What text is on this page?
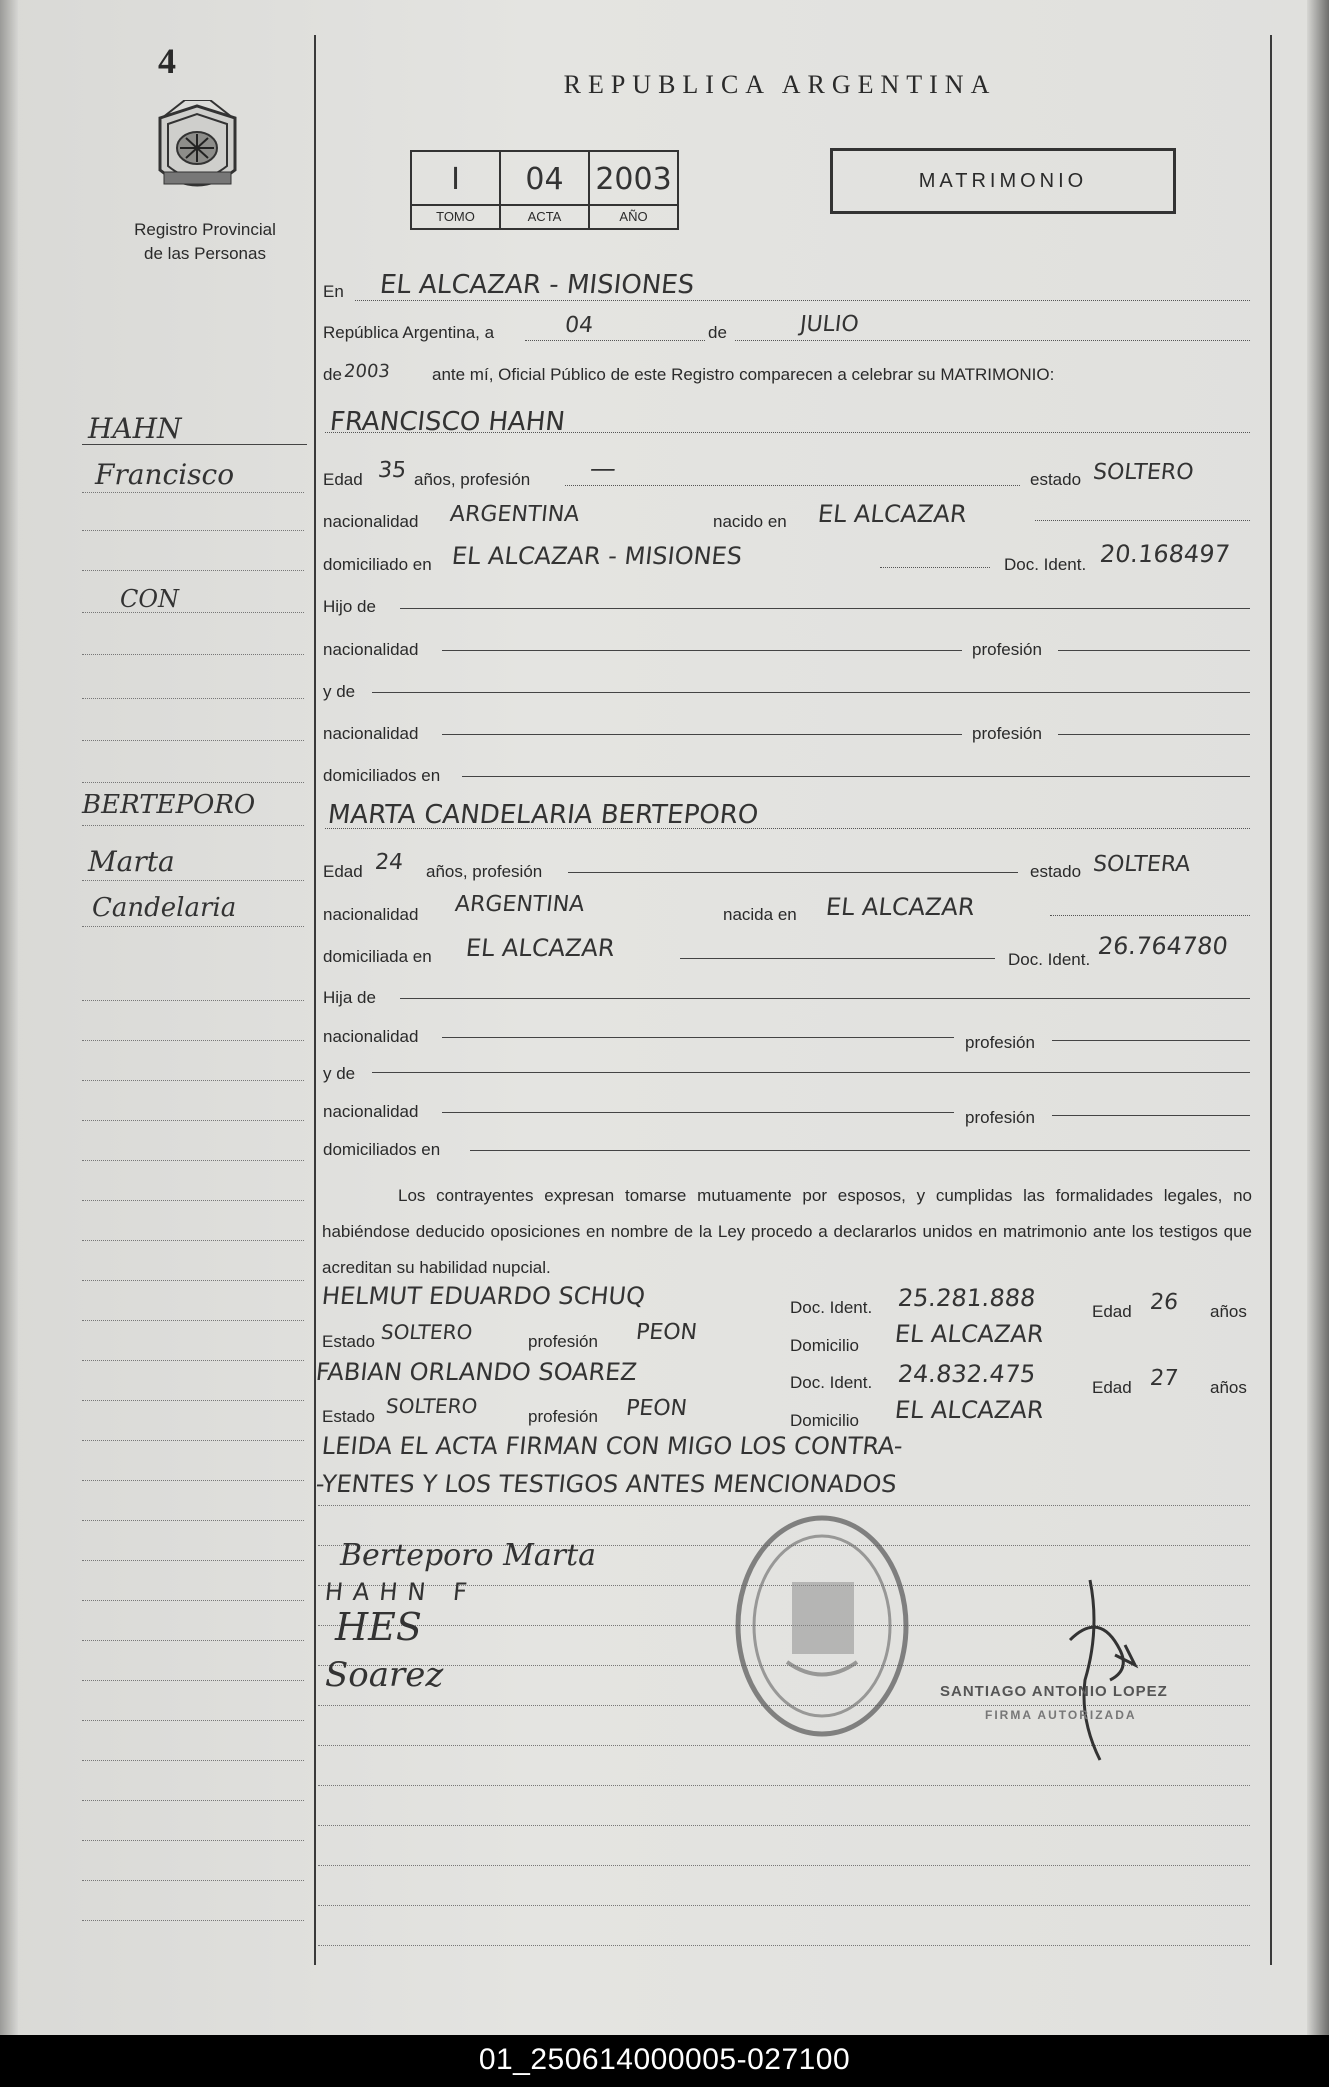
4
Registro Provincial
de las Personas
REPUBLICA ARGENTINA
I
TOMO
04
ACTA
2003
AÑO
MATRIMONIO
HAHN
Francisco
CON
BERTEPORO
Marta
Candelaria
En EL ALCAZAR - MISIONES
República Argentina, a	04	de	JULIO
de 2003 ante mí, Oficial Público de este Registro comparecen a celebrar su MATRIMONIO:
FRANCISCO HAHN
Edad 35 años, profesión —	estado SOLTERO
nacionalidad ARGENTINA	nacido en EL ALCAZAR
domiciliado en EL ALCAZAR - MISIONES	Doc. Ident. 20.168497
Hijo de
nacionalidad	profesión
y de
nacionalidad	profesión
domiciliados en
MARTA CANDELARIA BERTEPORO
Edad 24 años, profesión	estado SOLTERA
nacionalidad ARGENTINA	nacida en EL ALCAZAR
domiciliada en EL ALCAZAR	Doc. Ident. 26.764780
Hija de
nacionalidad	profesión
y de
nacionalidad	profesión
domiciliados en
Los contrayentes expresan tomarse mutuamente por esposos, y cumplidas las formalidades legales, no habiéndose deducido oposiciones en nombre de la Ley procedo a declararlos unidos en matrimonio ante los testigos que acreditan su habilidad nupcial.
HELMUT EDUARDO SCHUQ	Doc. Ident. 25.281.888	Edad 26 años
Estado SOLTERO	profesión PEON
Domicilio EL ALCAZAR
FABIAN ORLANDO SOAREZ	Doc. Ident. 24.832.475	Edad 27 años
Estado SOLTERO	profesión PEON	Domicilio EL ALCAZAR
LEIDA EL ACTA FIRMAN CON MIGO LOS CONTRA-
-YENTES Y LOS TESTIGOS ANTES MENCIONADOS
Berteporo Marta
HAHN F
HES
Soarez	SANTIAGO ANTONIO LOPEZ
FIRMA AUTORIZADA
01_250614000005-027100
